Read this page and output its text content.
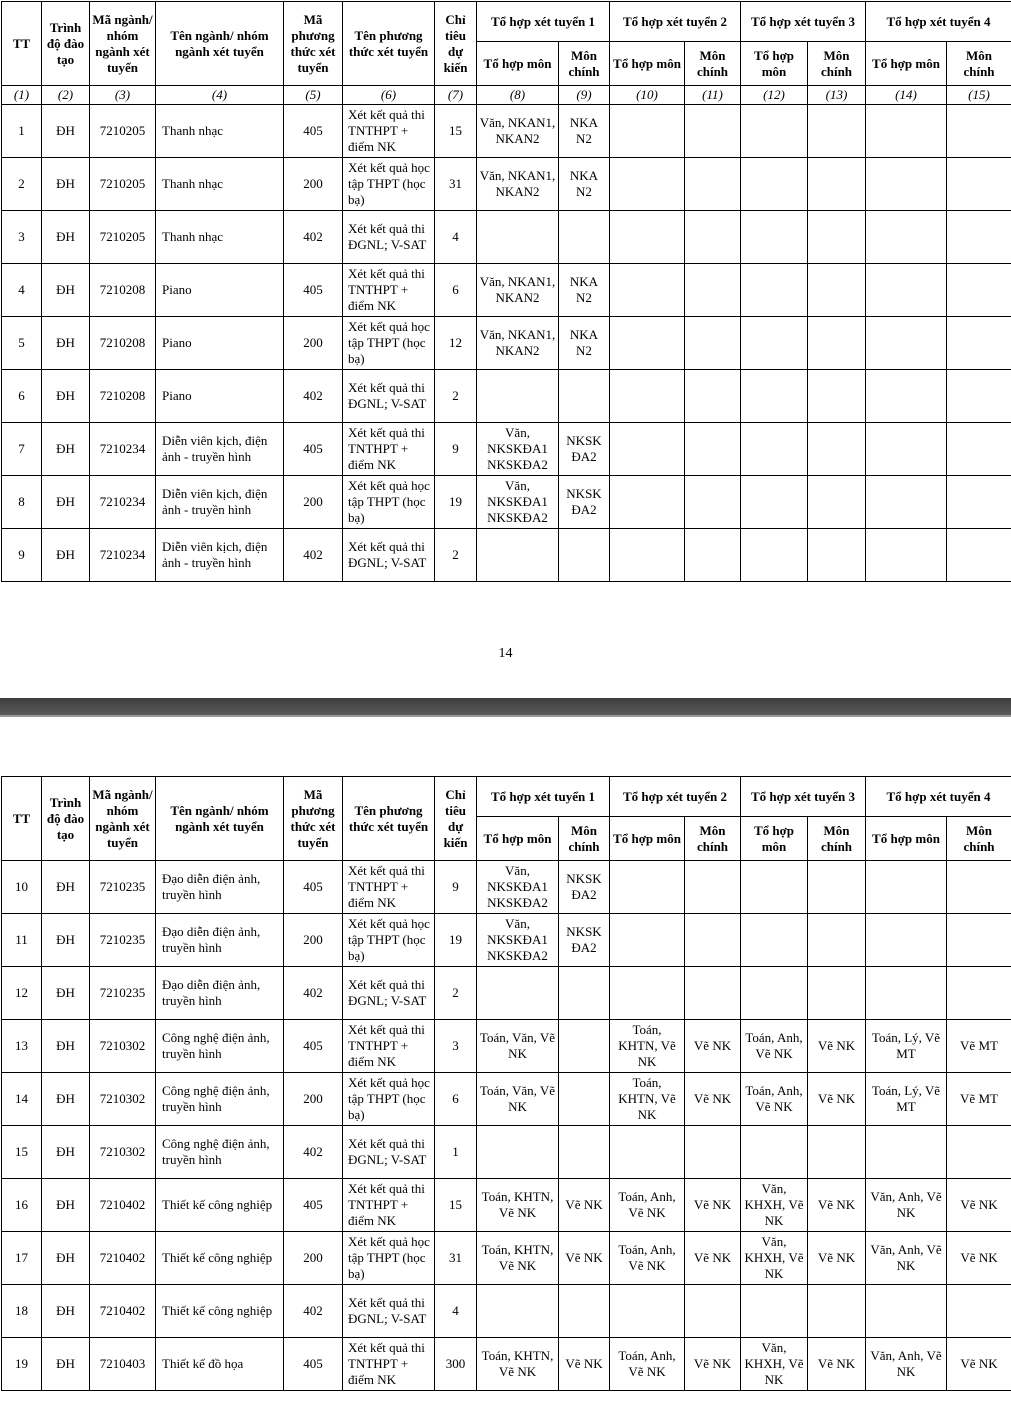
TT	Trình độ đào tạo	Mã ngành/ nhóm ngành xét tuyển	Tên ngành/ nhóm ngành xét tuyển	Mã phương thức xét tuyển	Tên phương thức xét tuyển	Chỉ tiêu dự kiến	Tổ hợp xét tuyển 1		Tổ hợp xét tuyển 2		Tổ hợp xét tuyển 3		Tổ hợp xét tuyển 4	
							Tổ hợp môn	Môn chính	Tổ hợp môn	Môn chính	Tổ hợp môn	Môn chính	Tổ hợp môn	Môn chính
(1)	(2)	(3)	(4)	(5)	(6)	(7)	(8)	(9)	(10)	(11)	(12)	(13)	(14)	(15)
1	ĐH	7210205	Thanh nhạc	405	Xét kết quả thi TNTHPT + điểm NK	15	Văn, NKAN1, NKAN2	NKA N2						
2	ĐH	7210205	Thanh nhạc	200	Xét kết quả học tập THPT (học bạ)	31	Văn, NKAN1, NKAN2	NKA N2						
3	ĐH	7210205	Thanh nhạc	402	Xét kết quả thi ĐGNL; V-SAT	4								
4	ĐH	7210208	Piano	405	Xét kết quả thi TNTHPT + điểm NK	6	Văn, NKAN1, NKAN2	NKA N2						
5	ĐH	7210208	Piano	200	Xét kết quả học tập THPT (học bạ)	12	Văn, NKAN1, NKAN2	NKA N2						
6	ĐH	7210208	Piano	402	Xét kết quả thi ĐGNL; V-SAT	2								
7	ĐH	7210234	Diễn viên kịch, điện ảnh - truyền hình	405	Xét kết quả thi TNTHPT + điểm NK	9	Văn, NKSKĐA1 NKSKĐA2	NKSK ĐA2						
8	ĐH	7210234	Diễn viên kịch, điện ảnh - truyền hình	200	Xét kết quả học tập THPT (học bạ)	19	Văn, NKSKĐA1 NKSKĐA2	NKSK ĐA2						
9	ĐH	7210234	Diễn viên kịch, điện ảnh - truyền hình	402	Xét kết quả thi ĐGNL; V-SAT	2								
14
TT	Trình độ đào tạo	Mã ngành/ nhóm ngành xét tuyển	Tên ngành/ nhóm ngành xét tuyển	Mã phương thức xét tuyển	Tên phương thức xét tuyển	Chỉ tiêu dự kiến	Tổ hợp xét tuyển 1		Tổ hợp xét tuyển 2		Tổ hợp xét tuyển 3		Tổ hợp xét tuyển 4	
							Tổ hợp môn	Môn chính	Tổ hợp môn	Môn chính	Tổ hợp môn	Môn chính	Tổ hợp môn	Môn chính
10	ĐH	7210235	Đạo diễn điện ảnh, truyền hình	405	Xét kết quả thi TNTHPT + điểm NK	9	Văn, NKSKĐA1 NKSKĐA2	NKSK ĐA2						
11	ĐH	7210235	Đạo diễn điện ảnh, truyền hình	200	Xét kết quả học tập THPT (học bạ)	19	Văn, NKSKĐA1 NKSKĐA2	NKSK ĐA2						
12	ĐH	7210235	Đạo diễn điện ảnh, truyền hình	402	Xét kết quả thi ĐGNL; V-SAT	2								
13	ĐH	7210302	Công nghệ điện ảnh, truyền hình	405	Xét kết quả thi TNTHPT + điểm NK	3	Toán, Văn, Vẽ NK		Toán, KHTN, Vẽ NK	Vẽ NK	Toán, Anh, Vẽ NK	Vẽ NK	Toán, Lý, Vẽ MT	Vẽ MT
14	ĐH	7210302	Công nghệ điện ảnh, truyền hình	200	Xét kết quả học tập THPT (học bạ)	6	Toán, Văn, Vẽ NK		Toán, KHTN, Vẽ NK	Vẽ NK	Toán, Anh, Vẽ NK	Vẽ NK	Toán, Lý, Vẽ MT	Vẽ MT
15	ĐH	7210302	Công nghệ điện ảnh, truyền hình	402	Xét kết quả thi ĐGNL; V-SAT	1								
16	ĐH	7210402	Thiết kế công nghiệp	405	Xét kết quả thi TNTHPT + điểm NK	15	Toán, KHTN, Vẽ NK	Vẽ NK	Toán, Anh, Vẽ NK	Vẽ NK	Văn, KHXH, Vẽ NK	Vẽ NK	Văn, Anh, Vẽ NK	Vẽ NK
17	ĐH	7210402	Thiết kế công nghiệp	200	Xét kết quả học tập THPT (học bạ)	31	Toán, KHTN, Vẽ NK	Vẽ NK	Toán, Anh, Vẽ NK	Vẽ NK	Văn, KHXH, Vẽ NK	Vẽ NK	Văn, Anh, Vẽ NK	Vẽ NK
18	ĐH	7210402	Thiết kế công nghiệp	402	Xét kết quả thi ĐGNL; V-SAT	4								
19	ĐH	7210403	Thiết kế đồ họa	405	Xét kết quả thi TNTHPT + điểm NK	300	Toán, KHTN, Vẽ NK	Vẽ NK	Toán, Anh, Vẽ NK	Vẽ NK	Văn, KHXH, Vẽ NK	Vẽ NK	Văn, Anh, Vẽ NK	Vẽ NK
